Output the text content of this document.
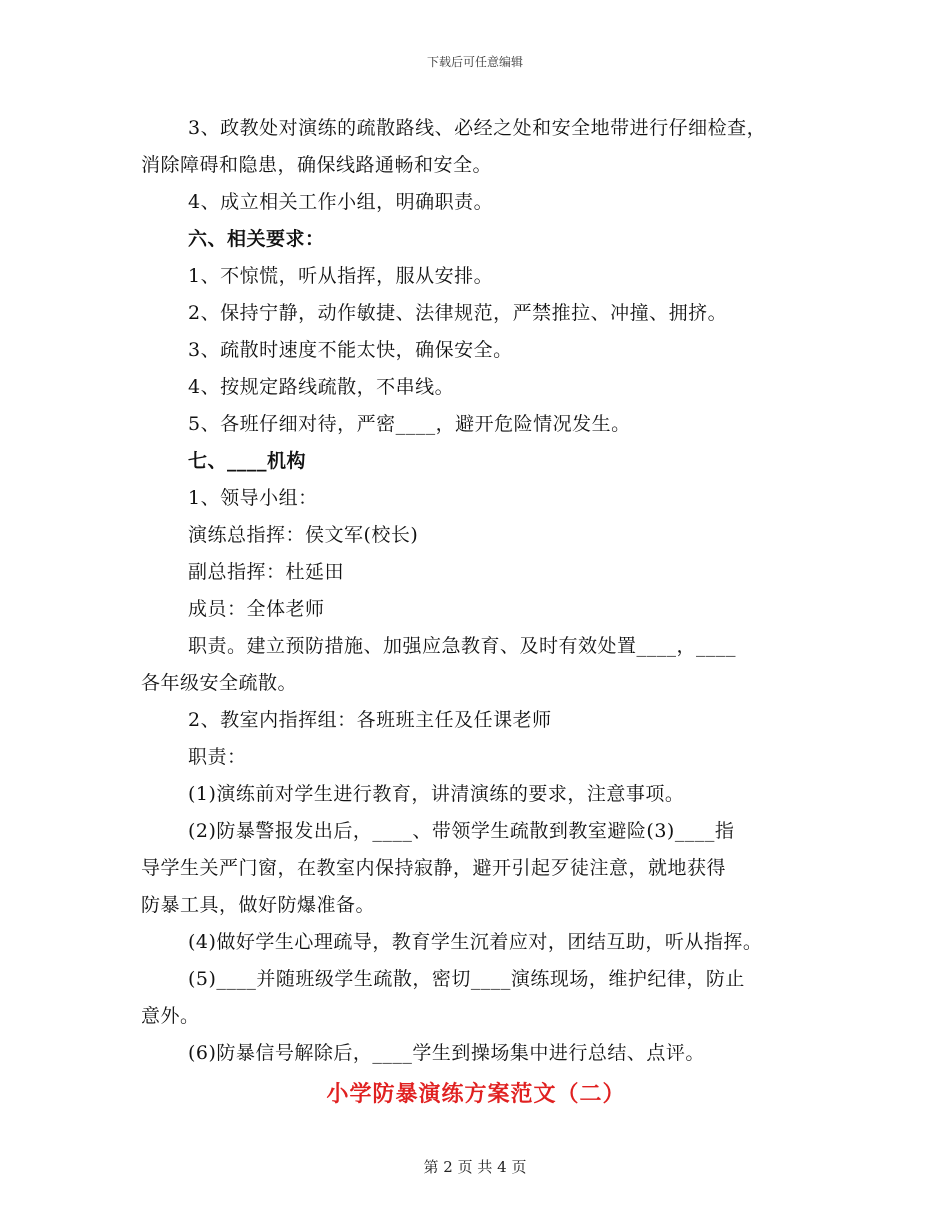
下载后可任意编辑

3、政教处对演练的疏散路线、必经之处和安全地带进行仔细检查，

消除障碍和隐患，确保线路通畅和安全。

4、成立相关工作小组，明确职责。

六、相关要求：

1、不惊慌，听从指挥，服从安排。

2、保持宁静，动作敏捷、法律规范，严禁推拉、冲撞、拥挤。

3、疏散时速度不能太快，确保安全。

4、按规定路线疏散，不串线。

5、各班仔细对待，严密____，避开危险情况发生。

七、____机构

1、领导小组：

演练总指挥：侯文军(校长)

副总指挥：杜延田

成员：全体老师

职责。建立预防措施、加强应急教育、及时有效处置____，____

各年级安全疏散。

2、教室内指挥组：各班班主任及任课老师

职责：

(1)演练前对学生进行教育，讲清演练的要求，注意事项。

(2)防暴警报发出后，____、带领学生疏散到教室避险(3)____指

导学生关严门窗，在教室内保持寂静，避开引起歹徒注意，就地获得

防暴工具，做好防爆准备。

(4)做好学生心理疏导，教育学生沉着应对，团结互助，听从指挥。

(5)____并随班级学生疏散，密切____演练现场，维护纪律，防止

意外。

(6)防暴信号解除后，____学生到操场集中进行总结、点评。

小学防暴演练方案范文（二）
第 2 页 共 4 页
